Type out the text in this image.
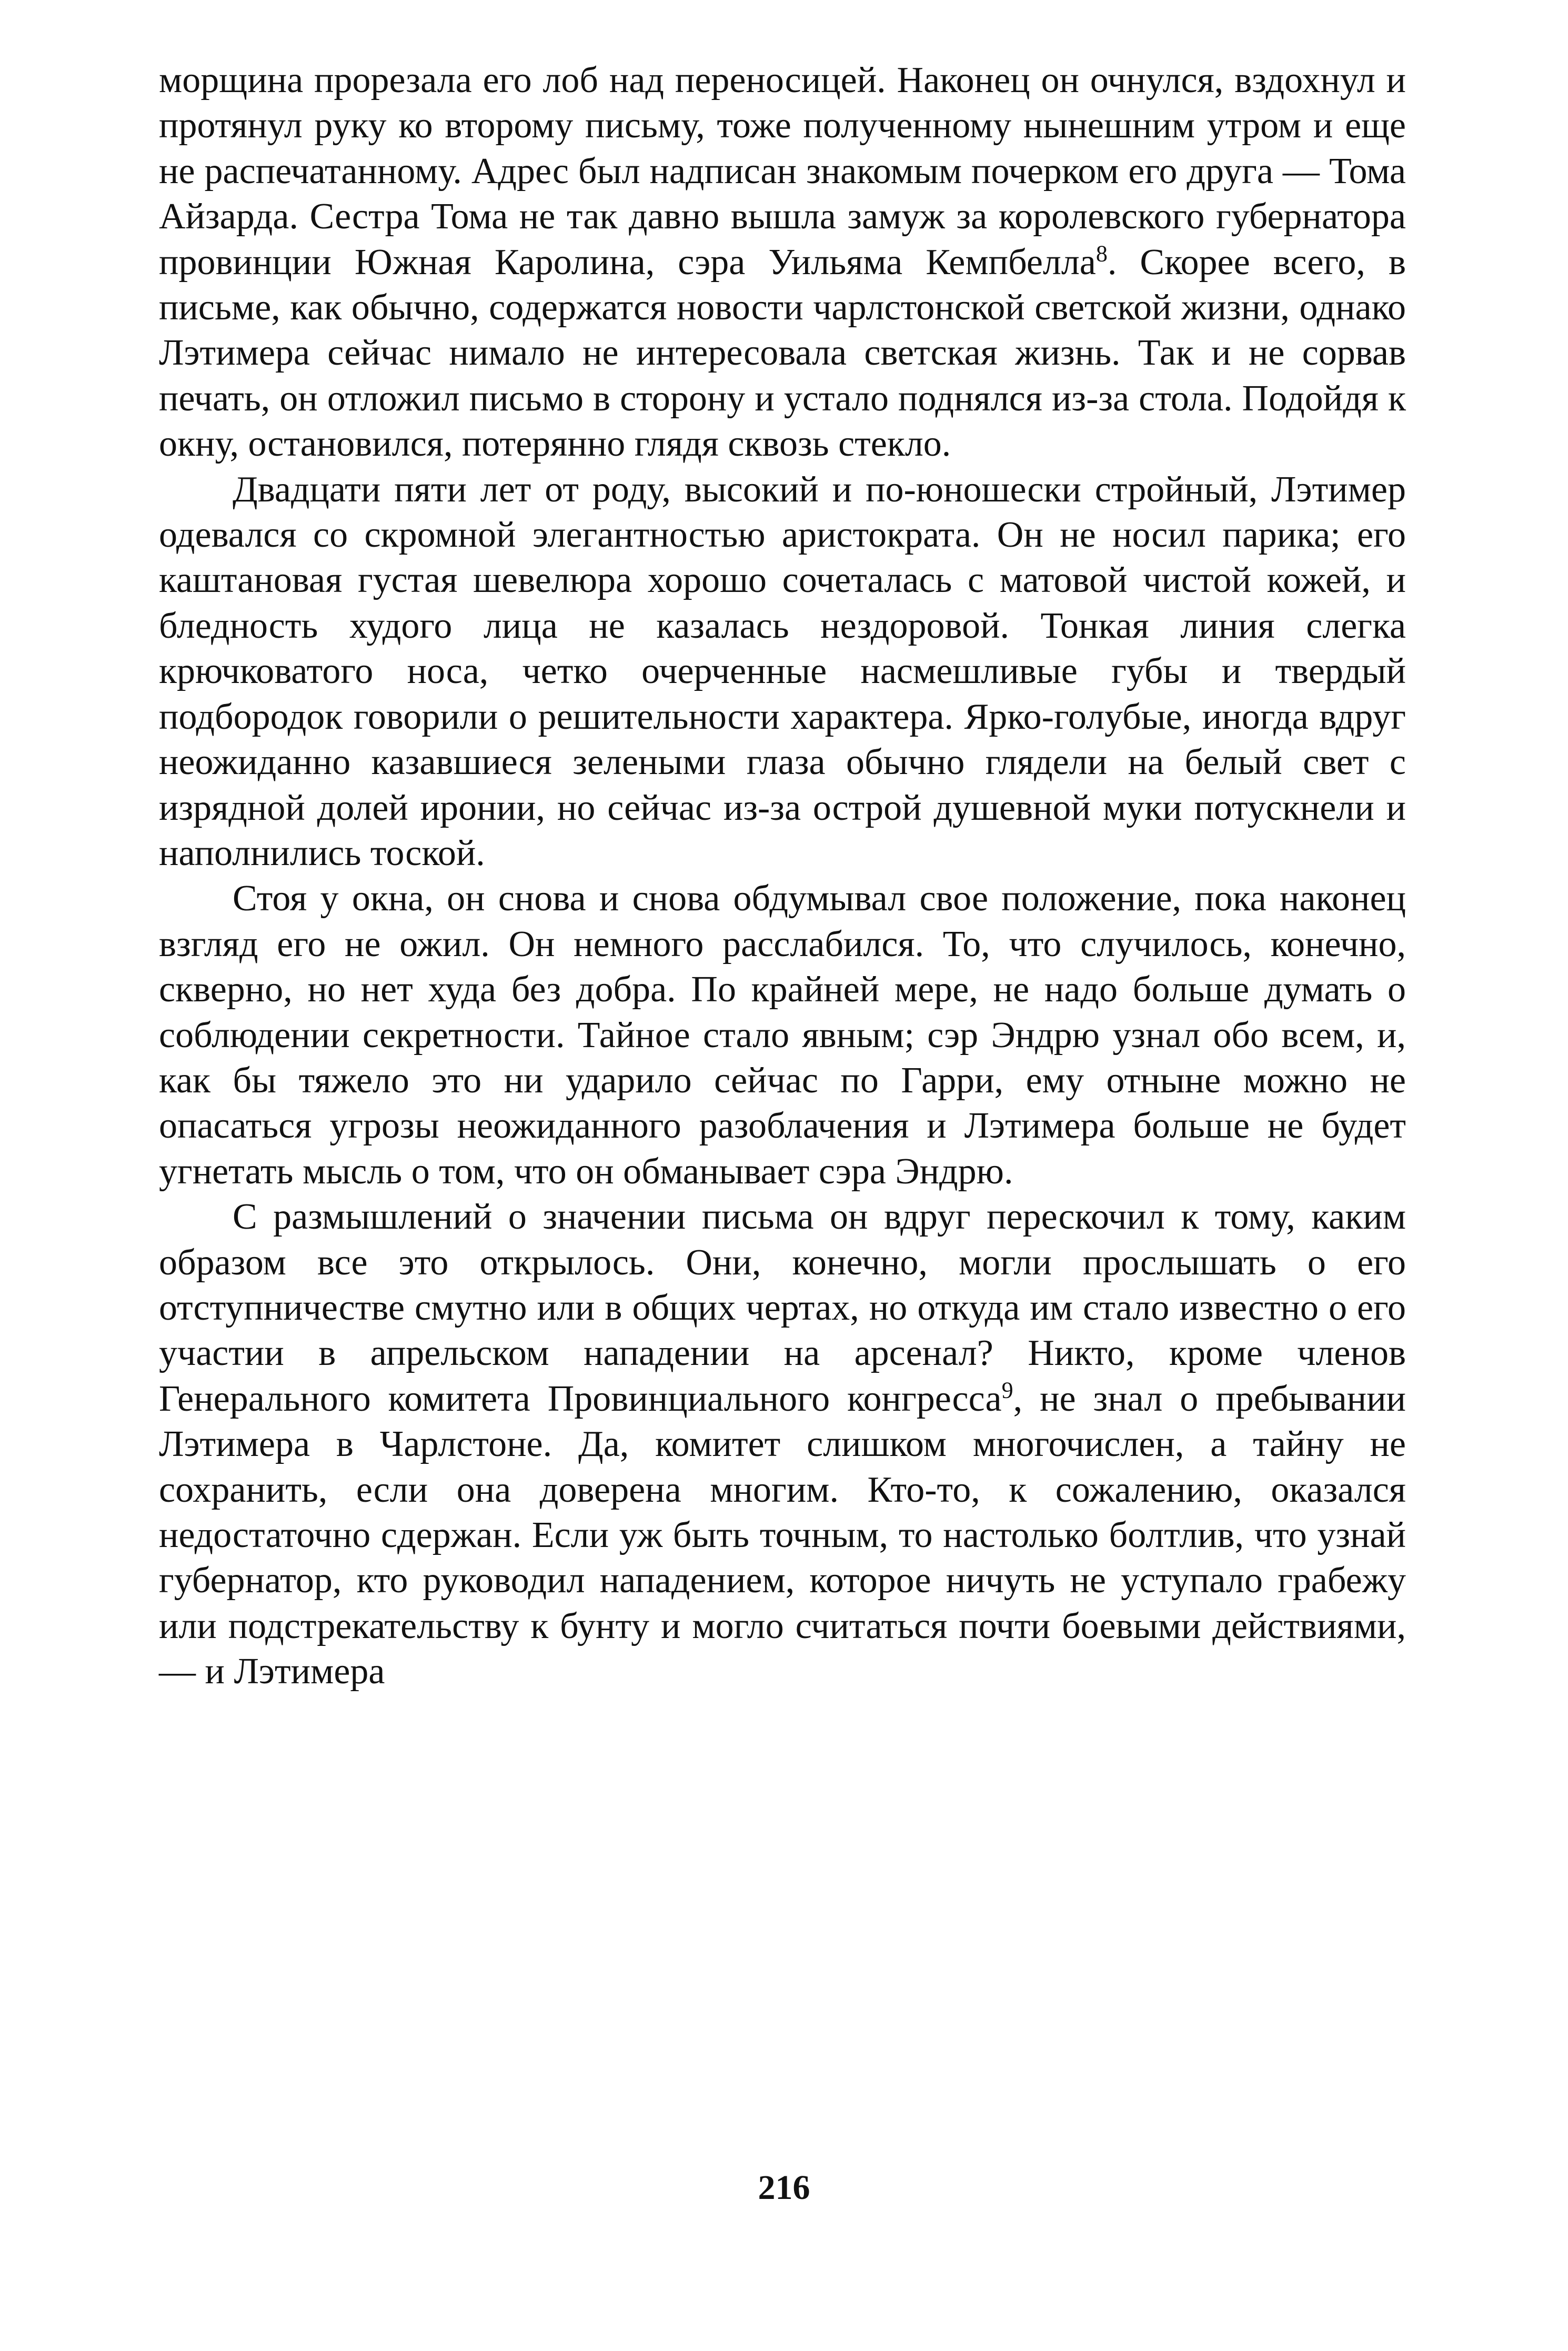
морщина прорезала его лоб над переносицей. Наконец он очнулся, вздохнул и протянул руку ко второму письму, тоже полученному нынешним утром и еще не распечатанному. Адрес был надписан знакомым почерком его друга — Тома Айзарда. Сестра Тома не так давно вышла замуж за королевского губернатора провинции Южная Каролина, сэра Уильяма Кемпбелла$^8$. Скорее всего, в письме, как обычно, содержатся новости чарлстонской светской жизни, однако Лэтимера сейчас нимало не интересовала светская жизнь. Так и не сорвав печать, он отложил письмо в сторону и устало поднялся из-за стола. Подойдя к окну, остановился, потерянно глядя сквозь стекло.

Двадцати пяти лет от роду, высокий и по-юношески стройный, Лэтимер одевался со скромной элегантностью аристократа. Он не носил парика; его каштановая густая шевелюра хорошо сочеталась с матовой чистой кожей, и бледность худого лица не казалась нездоровой. Тонкая линия слегка крючковатого носа, четко очерченные насмешливые губы и твердый подбородок говорили о решительности характера. Ярко-голубые, иногда вдруг неожиданно казавшиеся зелеными глаза обычно глядели на белый свет с изрядной долей иронии, но сейчас из-за острой душевной муки потускнели и наполнились тоской.

Стоя у окна, он снова и снова обдумывал свое положение, пока наконец взгляд его не ожил. Он немного расслабился. То, что случилось, конечно, скверно, но нет худа без добра. По крайней мере, не надо больше думать о соблюдении секретности. Тайное стало явным; сэр Эндрю узнал обо всем, и, как бы тяжело это ни ударило сейчас по Гарри, ему отныне можно не опасаться угрозы неожиданного разоблачения и Лэтимера больше не будет угнетать мысль о том, что он обманывает сэра Эндрю.

С размышлений о значении письма он вдруг перескочил к тому, каким образом все это открылось. Они, конечно, могли прослышать о его отступничестве смутно или в общих чертах, но откуда им стало известно о его участии в апрельском нападении на арсенал? Никто, кроме членов Генерального комитета Провинциального конгресса$^9$, не знал о пребывании Лэтимера в Чарлстоне. Да, комитет слишком многочислен, а тайну не сохранить, если она доверена многим. Кто-то, к сожалению, оказался недостаточно сдержан. Если уж быть точным, то настолько болтлив, что узнай губернатор, кто руководил нападением, которое ничуть не уступало грабежу или подстрекательству к бунту и могло считаться почти боевыми действиями,— и Лэтимера

216
